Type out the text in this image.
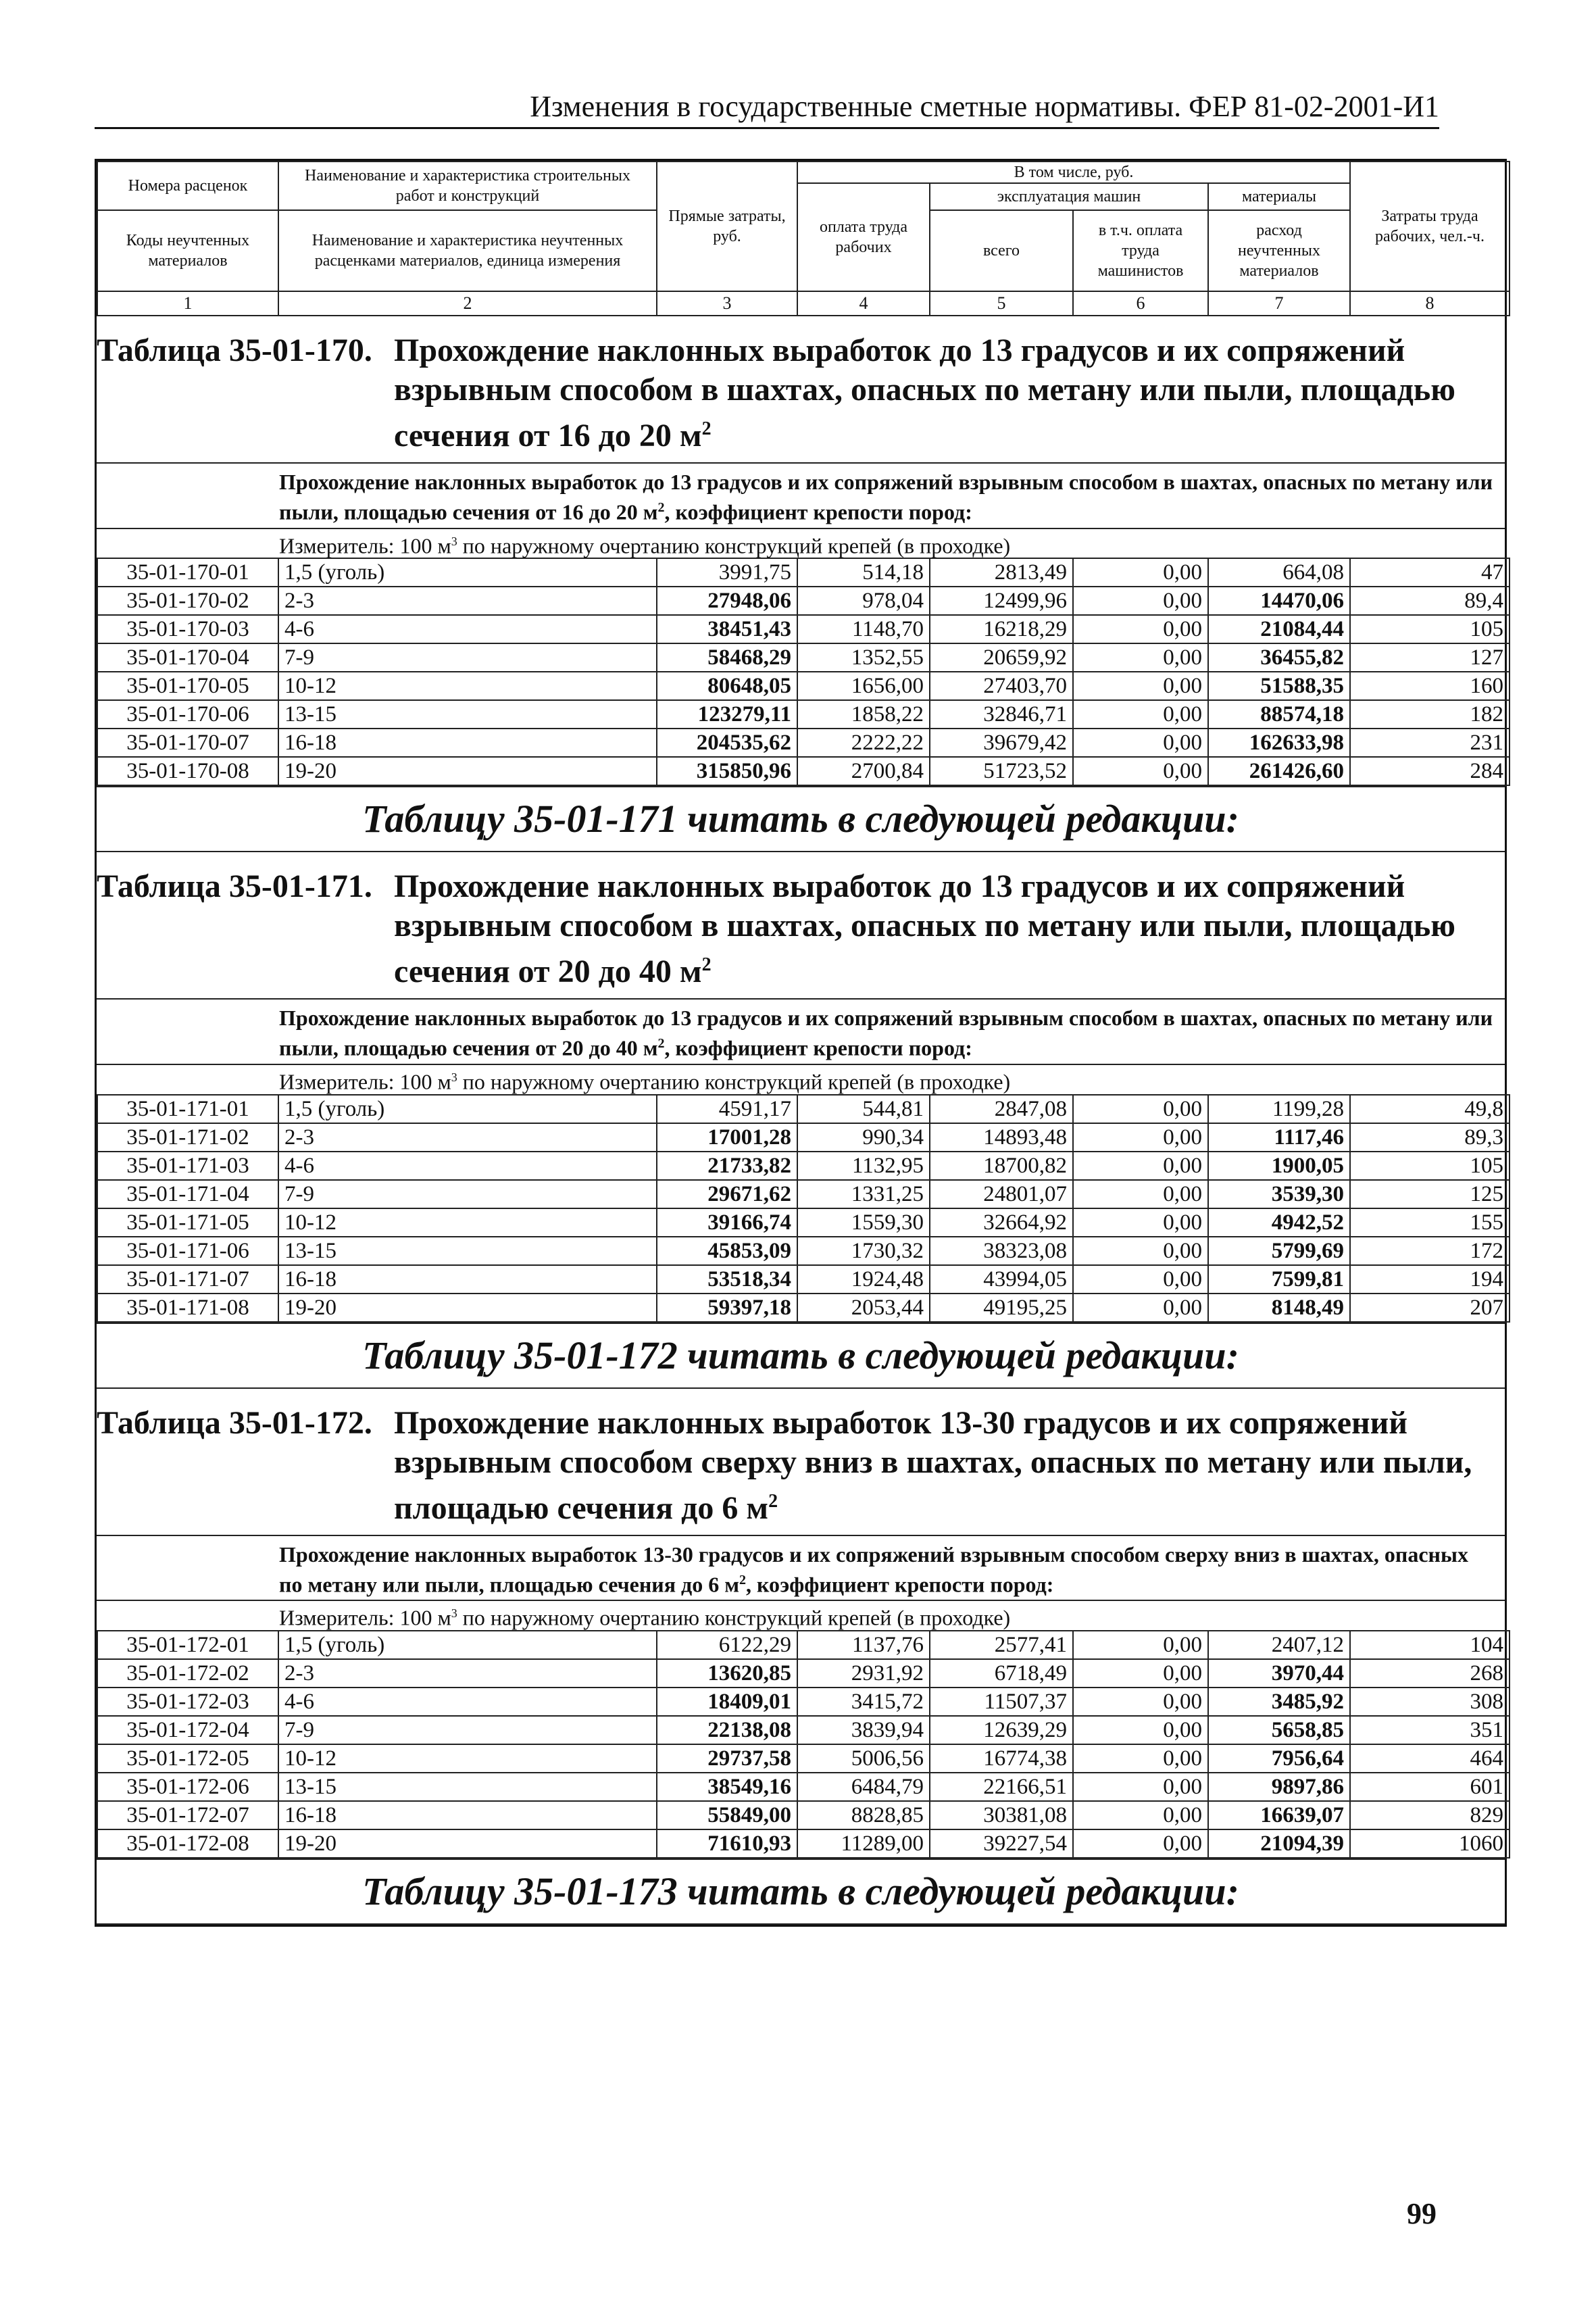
Изменения в государственные сметные нормативы. ФЕР 81-02-2001-И1
Номера расценок	Наименование и характеристика строительных работ и конструкций	Прямые затраты, руб.	В том числе, руб.				Затраты труда рабочих, чел.-ч.
			оплата труда рабочих	эксплуатация машин		материалы	
Коды неучтенных материалов	Наименование и характеристика неучтенных расценками материалов, единица измерения			всего	в т.ч. оплата труда машинистов	расход неучтенных материалов	

1	2	3	4	5	6	7	8
Таблица 35-01-170. Прохождение наклонных выработок до 13 градусов и их сопряжений взрывным способом в шахтах, опасных по метану или пыли, площадью сечения от 16 до 20 $м^2$
Прохождение наклонных выработок до 13 градусов и их сопряжений взрывным способом в шахтах, опасных по метану или пыли, площадью сечения от 16 до 20 $м^2$, коэффициент крепости пород:
Измеритель: 100 $м^3$ по наружному очертанию конструкций крепей (в проходке)
35-01-170-01	1,5 (уголь)	3991,75	514,18	2813,49	0,00	664,08	47
35-01-170-02	2-3	27948,06	978,04	12499,96	0,00	14470,06	89,4
35-01-170-03	4-6	38451,43	1148,70	16218,29	0,00	21084,44	105
35-01-170-04	7-9	58468,29	1352,55	20659,92	0,00	36455,82	127
35-01-170-05	10-12	80648,05	1656,00	27403,70	0,00	51588,35	160
35-01-170-06	13-15	123279,11	1858,22	32846,71	0,00	88574,18	182
35-01-170-07	16-18	204535,62	2222,22	39679,42	0,00	162633,98	231
35-01-170-08	19-20	315850,96	2700,84	51723,52	0,00	261426,60	284
Таблицу 35-01-171 читать в следующей редакции:
Таблица 35-01-171. Прохождение наклонных выработок до 13 градусов и их сопряжений взрывным способом в шахтах, опасных по метану или пыли, площадью сечения от 20 до 40 $м^2$
Прохождение наклонных выработок до 13 градусов и их сопряжений взрывным способом в шахтах, опасных по метану или пыли, площадью сечения от 20 до 40 $м^2$, коэффициент крепости пород:
Измеритель: 100 $м^3$ по наружному очертанию конструкций крепей (в проходке)
35-01-171-01	1,5 (уголь)	4591,17	544,81	2847,08	0,00	1199,28	49,8
35-01-171-02	2-3	17001,28	990,34	14893,48	0,00	1117,46	89,3
35-01-171-03	4-6	21733,82	1132,95	18700,82	0,00	1900,05	105
35-01-171-04	7-9	29671,62	1331,25	24801,07	0,00	3539,30	125
35-01-171-05	10-12	39166,74	1559,30	32664,92	0,00	4942,52	155
35-01-171-06	13-15	45853,09	1730,32	38323,08	0,00	5799,69	172
35-01-171-07	16-18	53518,34	1924,48	43994,05	0,00	7599,81	194
35-01-171-08	19-20	59397,18	2053,44	49195,25	0,00	8148,49	207
Таблицу 35-01-172 читать в следующей редакции:
Таблица 35-01-172. Прохождение наклонных выработок 13-30 градусов и их сопряжений взрывным способом сверху вниз в шахтах, опасных по метану или пыли, площадью сечения до 6 $м^2$
Прохождение наклонных выработок 13-30 градусов и их сопряжений взрывным способом сверху вниз в шахтах, опасных по метану или пыли, площадью сечения до 6 $м^2$, коэффициент крепости пород:
Измеритель: 100 $м^3$ по наружному очертанию конструкций крепей (в проходке)
35-01-172-01	1,5 (уголь)	6122,29	1137,76	2577,41	0,00	2407,12	104
35-01-172-02	2-3	13620,85	2931,92	6718,49	0,00	3970,44	268
35-01-172-03	4-6	18409,01	3415,72	11507,37	0,00	3485,92	308
35-01-172-04	7-9	22138,08	3839,94	12639,29	0,00	5658,85	351
35-01-172-05	10-12	29737,58	5006,56	16774,38	0,00	7956,64	464
35-01-172-06	13-15	38549,16	6484,79	22166,51	0,00	9897,86	601
35-01-172-07	16-18	55849,00	8828,85	30381,08	0,00	16639,07	829
35-01-172-08	19-20	71610,93	11289,00	39227,54	0,00	21094,39	1060
Таблицу 35-01-173 читать в следующей редакции:
99
